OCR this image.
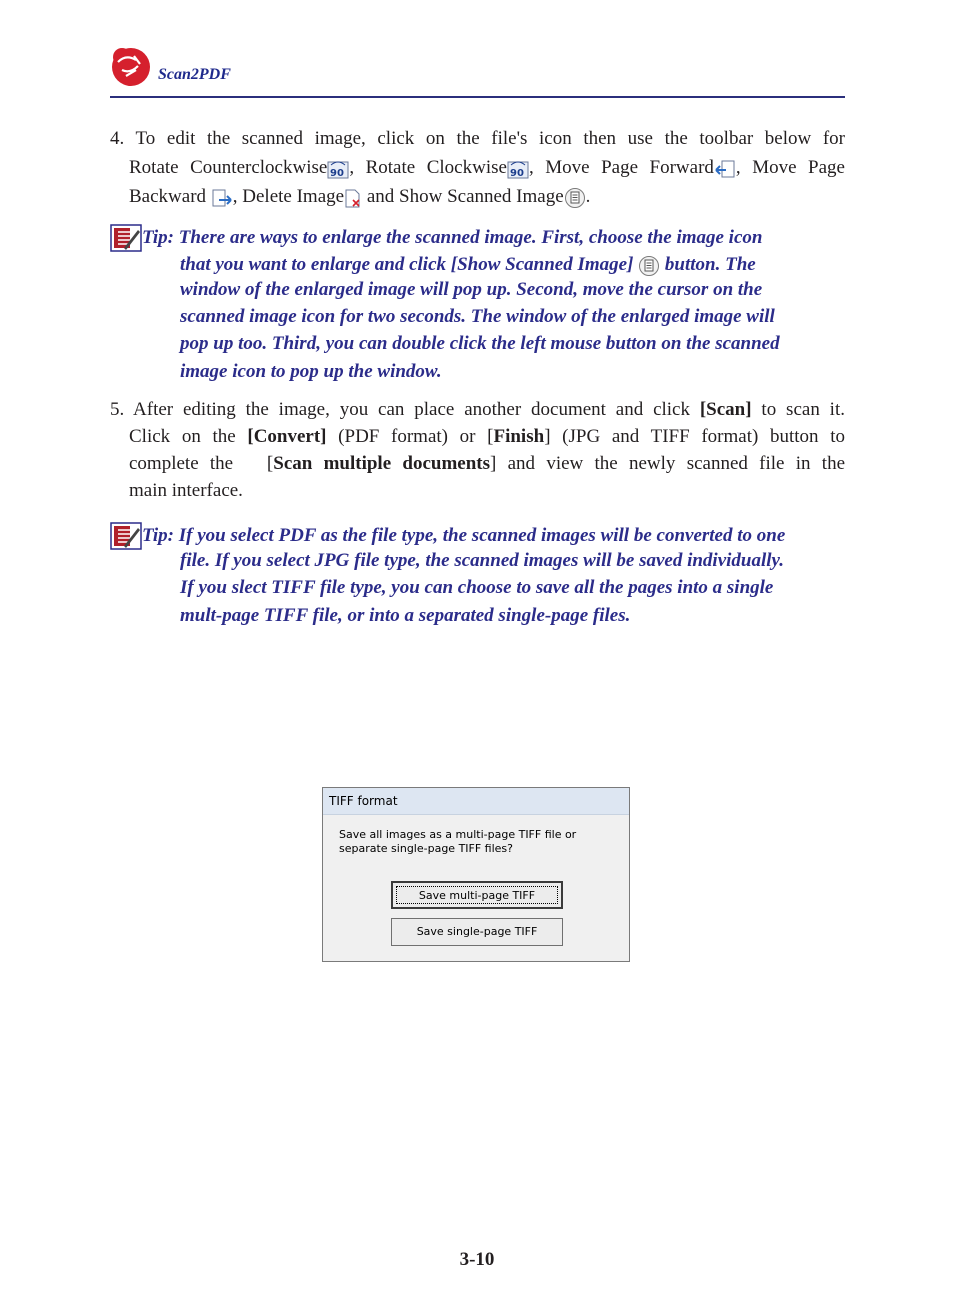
Scan2PDF
4. To edit the scanned image, click on the file's icon then use the toolbar below for
Rotate Counterclockwise 90 , Rotate Clockwise 90 , Move Page Forward , Move Page
Backward , Delete Image and Show Scanned Image .
Tip: There are ways to enlarge the scanned image. First, choose the image icon
that you want to enlarge and click [Show Scanned Image] button. The
window of the enlarged image will pop up. Second, move the cursor on the
scanned image icon for two seconds. The window of the enlarged image will
pop up too. Third, you can double click the left mouse button on the scanned
image icon to pop up the window.
5. After editing the image, you can place another document and click [Scan] to scan it.
Click on the [Convert] (PDF format) or [Finish] (JPG and TIFF format) button to
complete the   [Scan multiple documents] and view the newly scanned file in the
main interface.
Tip: If you select PDF as the file type, the scanned images will be converted to one
file. If you select JPG file type, the scanned images will be saved individually.
If you slect TIFF file type, you can choose to save all the pages into a single
mult-page TIFF file, or into a separated single-page files.
TIFF format
Save all images as a multi-page TIFF file or separate single-page TIFF files?
Save multi-page TIFF
Save single-page TIFF
3-10
